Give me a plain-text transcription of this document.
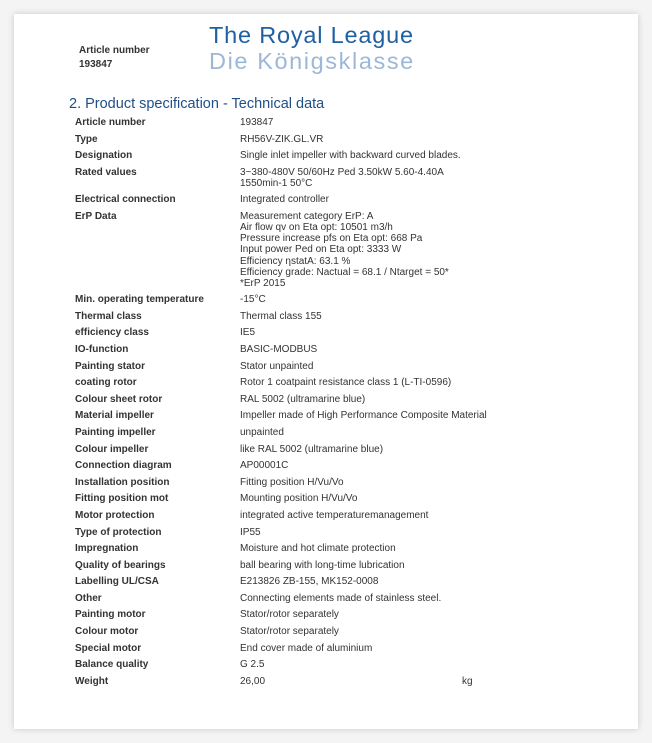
Article number
193847
The Royal League
Die Königsklasse
2. Product specification - Technical data
Article number	193847
Type	RH56V-ZIK.GL.VR
Designation	Single inlet impeller with backward curved blades.
Rated values	3~380-480V 50/60Hz Ped 3.50kW 5.60-4.40A
1550min-1 50°C
Electrical connection	Integrated controller
ErP Data	Measurement category ErP: A
Air flow qv on Eta opt: 10501 m3/h
Pressure increase pfs on Eta opt: 668 Pa
Input power Ped on Eta opt: 3333 W
Efficiency ηstatA: 63.1 %
Efficiency grade: Nactual = 68.1 / Ntarget = 50*
*ErP 2015
Min. operating temperature	-15°C
Thermal class	Thermal class 155
efficiency class	IE5
IO-function	BASIC-MODBUS
Painting stator	Stator unpainted
coating rotor	Rotor 1 coatpaint resistance class 1 (L-TI-0596)
Colour sheet rotor	RAL 5002 (ultramarine blue)
Material impeller	Impeller made of High Performance Composite Material
Painting impeller	unpainted
Colour impeller	like RAL 5002 (ultramarine blue)
Connection diagram	AP00001C
Installation position	Fitting position H/Vu/Vo
Fitting position mot	Mounting position H/Vu/Vo
Motor protection	integrated active temperaturemanagement
Type of protection	IP55
Impregnation	Moisture and hot climate protection
Quality of bearings	ball bearing with long-time lubrication
Labelling UL/CSA	E213826 ZB-155, MK152-0008
Other	Connecting elements made of stainless steel.
Painting motor	Stator/rotor separately
Colour motor	Stator/rotor separately
Special motor	End cover made of aluminium
Balance quality	G 2.5
Weight	26,00	kg
